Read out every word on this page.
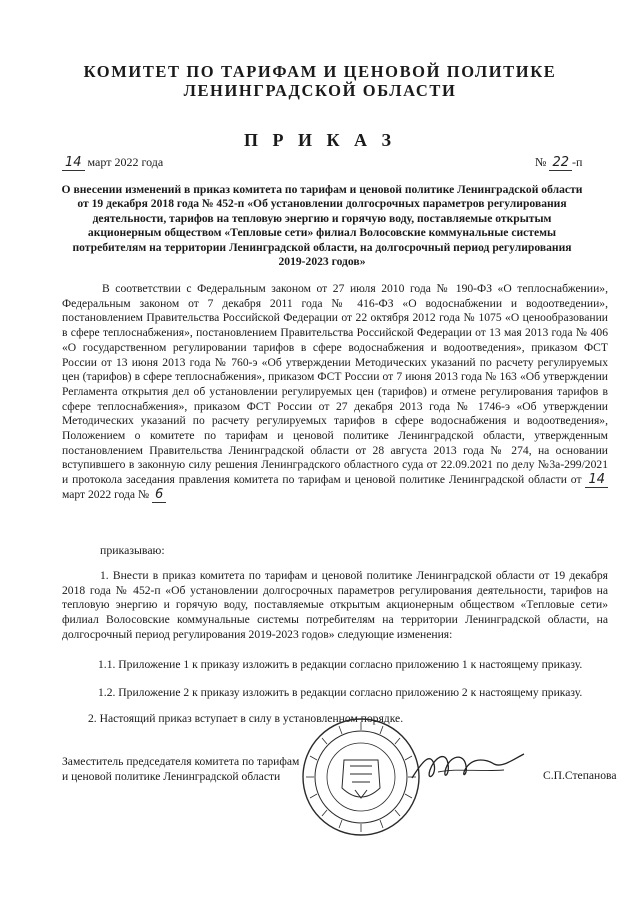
КОМИТЕТ ПО ТАРИФАМ И ЦЕНОВОЙ ПОЛИТИКЕ
ЛЕНИНГРАДСКОЙ ОБЛАСТИ
П Р И К А З
14 март 2022 года	№ 22 -п
О внесении изменений в приказ комитета по тарифам и ценовой политике Ленинградской области от 19 декабря 2018 года № 452-п «Об установлении долгосрочных параметров регулирования деятельности, тарифов на тепловую энергию и горячую воду, поставляемые открытым акционерным обществом «Тепловые сети» филиал Волосовские коммунальные системы потребителям на территории Ленинградской области, на долгосрочный период регулирования 2019-2023 годов»
В соответствии с Федеральным законом от 27 июля 2010 года № 190-ФЗ «О теплоснабжении», Федеральным законом от 7 декабря 2011 года № 416-ФЗ «О водоснабжении и водоотведении», постановлением Правительства Российской Федерации от 22 октября 2012 года № 1075 «О ценообразовании в сфере теплоснабжения», постановлением Правительства Российской Федерации от 13 мая 2013 года № 406 «О государственном регулировании тарифов в сфере водоснабжения и водоотведения», приказом ФСТ России от 13 июня 2013 года № 760-э «Об утверждении Методических указаний по расчету регулируемых цен (тарифов) в сфере теплоснабжения», приказом ФСТ России от 7 июня 2013 года № 163 «Об утверждении Регламента открытия дел об установлении регулируемых цен (тарифов) и отмене регулирования тарифов в сфере теплоснабжения», приказом ФСТ России от 27 декабря 2013 года № 1746-э «Об утверждении Методических указаний по расчету регулируемых тарифов в сфере водоснабжения и водоотведения», Положением о комитете по тарифам и ценовой политике Ленинградской области, утвержденным постановлением Правительства Ленинградской области от 28 августа 2013 года № 274, на основании вступившего в законную силу решения Ленинградского областного суда от 22.09.2021 по делу №3а-299/2021 и протокола заседания правления комитета по тарифам и ценовой политике Ленинградской области от 14 март 2022 года № 6
приказываю:
1. Внести в приказ комитета по тарифам и ценовой политике Ленинградской области от 19 декабря 2018 года № 452-п «Об установлении долгосрочных параметров регулирования деятельности, тарифов на тепловую энергию и горячую воду, поставляемые открытым акционерным обществом «Тепловые сети» филиал Волосовские коммунальные системы потребителям на территории Ленинградской области, на долгосрочный период регулирования 2019-2023 годов» следующие изменения:
1.1. Приложение 1 к приказу изложить в редакции согласно приложению 1 к настоящему приказу.
1.2. Приложение 2 к приказу изложить в редакции согласно приложению 2 к настоящему приказу.
2. Настоящий приказ вступает в силу в установленном порядке.
Заместитель председателя комитета по тарифам
и ценовой политике Ленинградской области	С.П.Степанова
